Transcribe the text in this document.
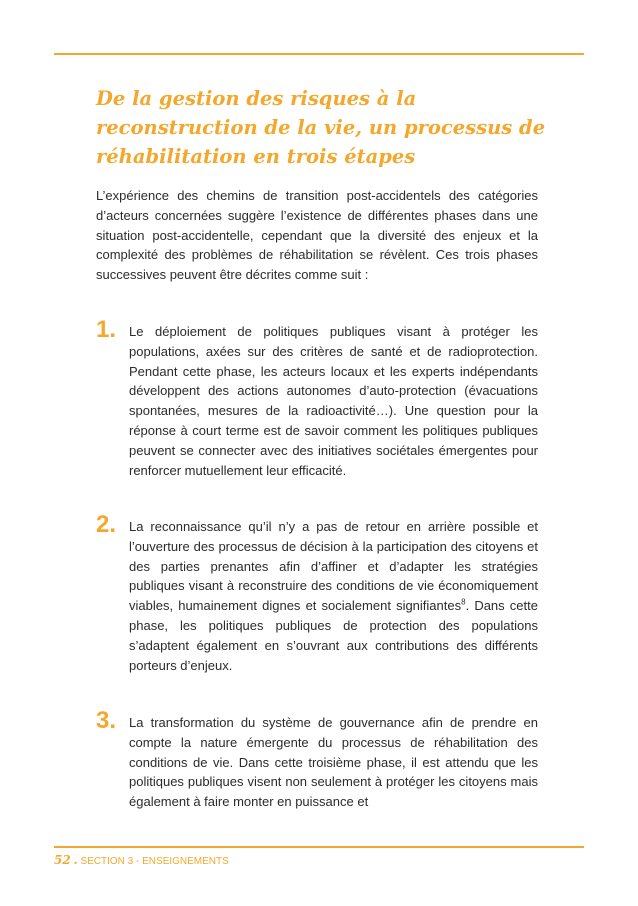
De la gestion des risques à la reconstruction de la vie, un processus de réhabilitation en trois étapes

L’expérience des chemins de transition post-accidentels des catégories d’acteurs concernées suggère l’existence de différentes phases dans une situation post-accidentelle, cependant que la diversité des enjeux et la complexité des problèmes de réhabilitation se révèlent. Ces trois phases successives peuvent être décrites comme suit :

1. Le déploiement de politiques publiques visant à protéger les populations, axées sur des critères de santé et de radioprotection. Pendant cette phase, les acteurs locaux et les experts indépendants développent des actions autonomes d’auto-protection (évacuations spontanées, mesures de la radioactivité…). Une question pour la réponse à court terme est de savoir comment les politiques publiques peuvent se connecter avec des initiatives sociétales émergentes pour renforcer mutuellement leur efficacité.

2. La reconnaissance qu’il n’y a pas de retour en arrière possible et l’ouverture des processus de décision à la participation des citoyens et des parties prenantes afin d’affiner et d’adapter les stratégies publiques visant à reconstruire des conditions de vie économiquement viables, humainement dignes et socialement signifiantes$^8$. Dans cette phase, les politiques publiques de protection des populations s’adaptent également en s’ouvrant aux contributions des différents porteurs d’enjeux.

3. La transformation du système de gouvernance afin de prendre en compte la nature émergente du processus de réhabilitation des conditions de vie. Dans cette troisième phase, il est attendu que les politiques publiques visent non seulement à protéger les citoyens mais également à faire monter en puissance et

52 . SECTION 3 - ENSEIGNEMENTS
